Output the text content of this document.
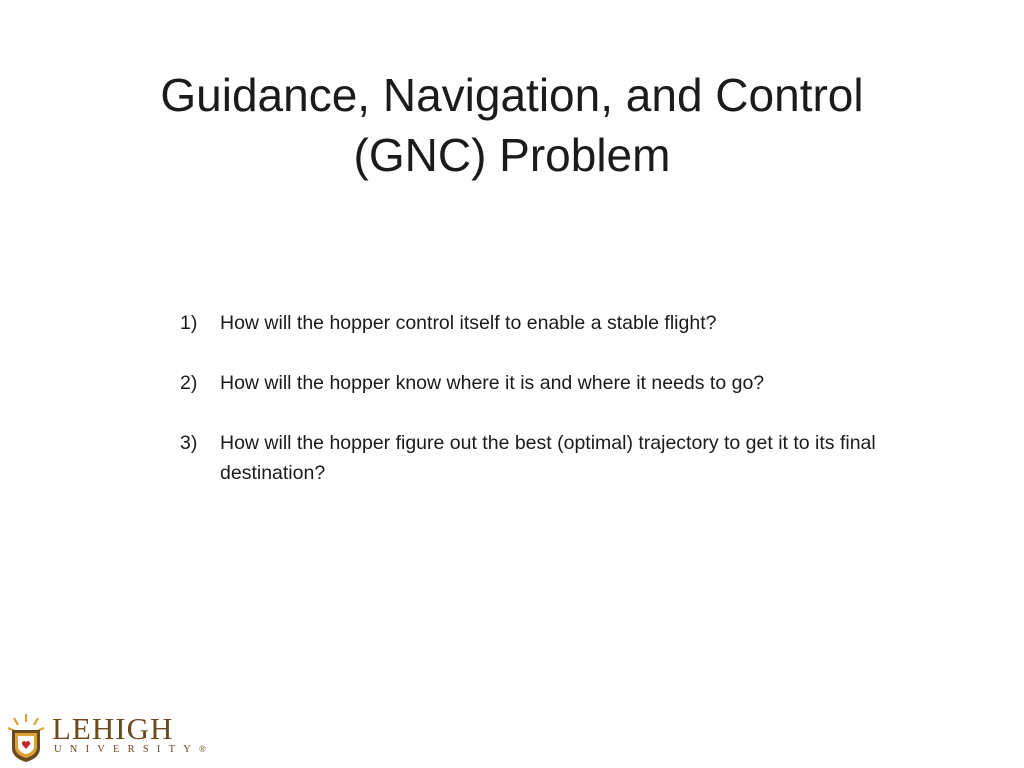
Guidance, Navigation, and Control
(GNC) Problem
1) How will the hopper control itself to enable a stable flight?
2) How will the hopper know where it is and where it needs to go?
3) How will the hopper figure out the best (optimal) trajectory to get it to its final destination?
LEHIGH
UNIVERSITY®
